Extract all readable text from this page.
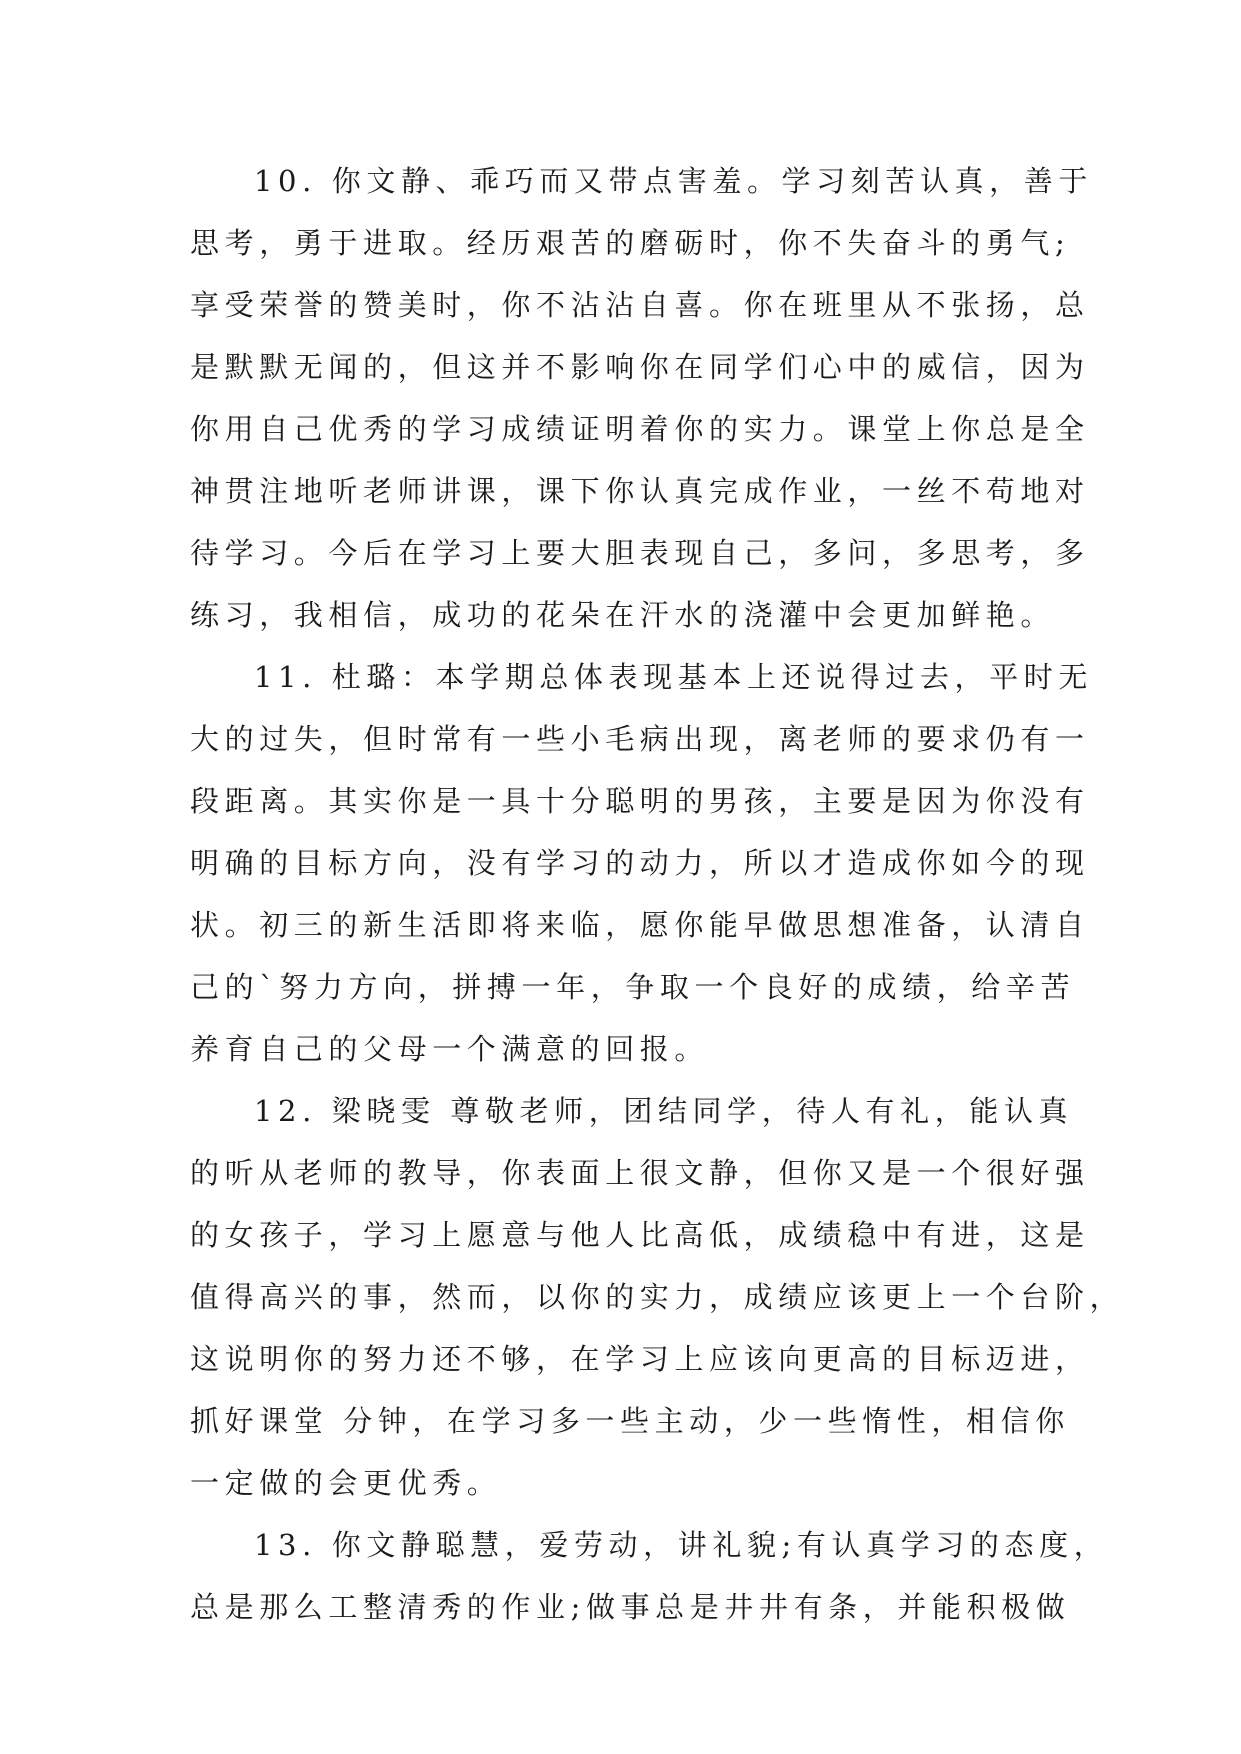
10. 你文静、乖巧而又带点害羞。学习刻苦认真，善于
思考，勇于进取。经历艰苦的磨砺时，你不失奋斗的勇气;
享受荣誉的赞美时，你不沾沾自喜。你在班里从不张扬，总
是默默无闻的，但这并不影响你在同学们心中的威信，因为
你用自己优秀的学习成绩证明着你的实力。课堂上你总是全
神贯注地听老师讲课，课下你认真完成作业，一丝不苟地对
待学习。今后在学习上要大胆表现自己，多问，多思考，多
练习，我相信，成功的花朵在汗水的浇灌中会更加鲜艳。
11. 杜璐：本学期总体表现基本上还说得过去，平时无
大的过失，但时常有一些小毛病出现，离老师的要求仍有一
段距离。其实你是一具十分聪明的男孩，主要是因为你没有
明确的目标方向，没有学习的动力，所以才造成你如今的现
状。初三的新生活即将来临，愿你能早做思想准备，认清自
己的`努力方向，拼搏一年，争取一个良好的成绩，给辛苦
养育自己的父母一个满意的回报。
12. 梁晓雯 尊敬老师，团结同学，待人有礼，能认真
的听从老师的教导，你表面上很文静，但你又是一个很好强
的女孩子，学习上愿意与他人比高低，成绩稳中有进，这是
值得高兴的事，然而，以你的实力，成绩应该更上一个台阶，
这说明你的努力还不够，在学习上应该向更高的目标迈进，
抓好课堂 分钟，在学习多一些主动，少一些惰性，相信你
一定做的会更优秀。
13. 你文静聪慧，爱劳动，讲礼貌;有认真学习的态度，
总是那么工整清秀的作业;做事总是井井有条，并能积极做
